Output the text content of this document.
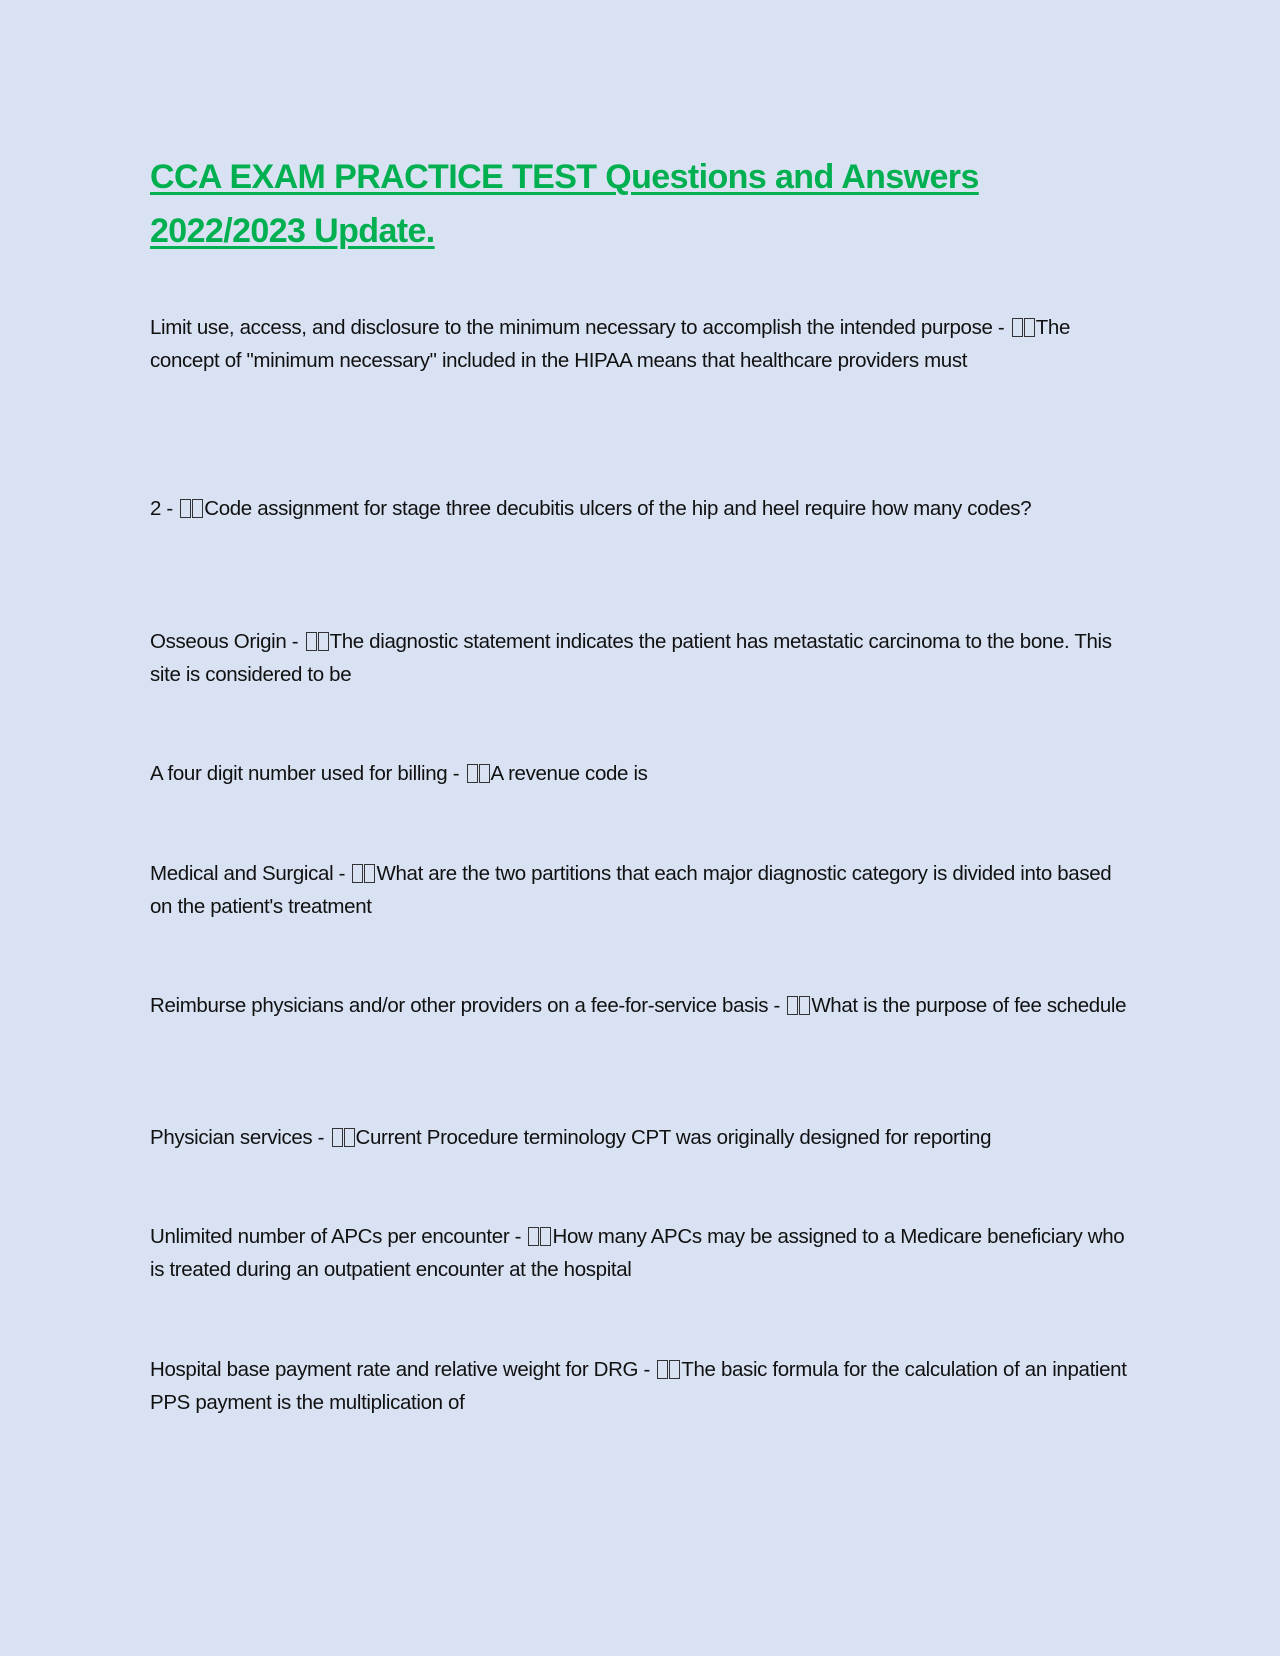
CCA EXAM PRACTICE TEST Questions and Answers 2022/2023 Update.

Limit use, access, and disclosure to the minimum necessary to accomplish the intended purpose - The concept of "minimum necessary" included in the HIPAA means that healthcare providers must

2 - Code assignment for stage three decubitis ulcers of the hip and heel require how many codes?

Osseous Origin - The diagnostic statement indicates the patient has metastatic carcinoma to the bone. This site is considered to be

A four digit number used for billing - A revenue code is

Medical and Surgical - What are the two partitions that each major diagnostic category is divided into based on the patient's treatment

Reimburse physicians and/or other providers on a fee-for-service basis - What is the purpose of fee schedule

Physician services - Current Procedure terminology CPT was originally designed for reporting

Unlimited number of APCs per encounter - How many APCs may be assigned to a Medicare beneficiary who is treated during an outpatient encounter at the hospital

Hospital base payment rate and relative weight for DRG - The basic formula for the calculation of an inpatient PPS payment is the multiplication of
